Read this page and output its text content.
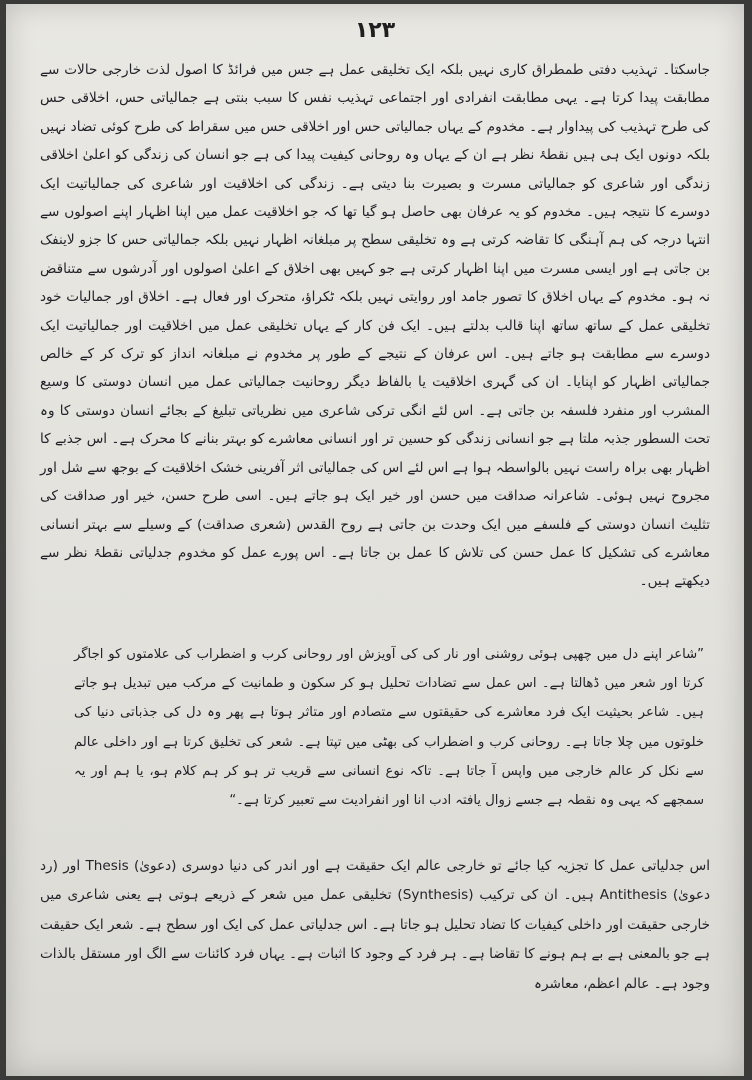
۱۲۳

جاسکتا۔ تہذیب دفتی طمطراق کاری نہیں بلکہ ایک تخلیقی عمل ہے جس میں فرائڈ کا اصول لذت خارجی حالات سے مطابقت پیدا کرتا ہے۔ یہی مطابقت انفرادی اور اجتماعی تہذیب نفس کا سبب بنتی ہے جمالیاتی حس، اخلاقی حس کی طرح تہذیب کی پیداوار ہے۔ مخدوم کے یہاں جمالیاتی حس اور اخلاقی حس میں سقراط کی طرح کوئی تضاد نہیں بلکہ دونوں ایک ہی ہیں نقطۂ نظر ہے ان کے یہاں وہ روحانی کیفیت پیدا کی ہے جو انسان کی زندگی کو اعلیٰ اخلاقی زندگی اور شاعری کو جمالیاتی مسرت و بصیرت بنا دیتی ہے۔ زندگی کی اخلاقیت اور شاعری کی جمالیاتیت ایک دوسرے کا نتیجہ ہیں۔ مخدوم کو یہ عرفان بھی حاصل ہو گیا تھا کہ جو اخلاقیت عمل میں اپنا اظہار اپنے اصولوں سے انتہا درجہ کی ہم آہنگی کا تقاضہ کرتی ہے وہ تخلیقی سطح پر مبلغانہ اظہار نہیں بلکہ جمالیاتی حس کا جزو لاینفک بن جاتی ہے اور ایسی مسرت میں اپنا اظہار کرتی ہے جو کہیں بھی اخلاق کے اعلیٰ اصولوں اور آدرشوں سے متناقض نہ ہو۔ مخدوم کے یہاں اخلاق کا تصور جامد اور روایتی نہیں بلکہ ٹکراؤ، متحرک اور فعال ہے۔ اخلاق اور جمالیات خود تخلیقی عمل کے ساتھ ساتھ اپنا قالب بدلتے ہیں۔ ایک فن کار کے یہاں تخلیقی عمل میں اخلاقیت اور جمالیاتیت ایک دوسرے سے مطابقت ہو جاتے ہیں۔ اس عرفان کے نتیجے کے طور پر مخدوم نے مبلغانہ انداز کو ترک کر کے خالص جمالیاتی اظہار کو اپنایا۔ ان کی گہری اخلاقیت یا بالفاظ دیگر روحانیت جمالیاتی عمل میں انسان دوستی کا وسیع المشرب اور منفرد فلسفہ بن جاتی ہے۔ اس لئے انگی ترکی شاعری میں نظریاتی تبلیغ کے بجائے انسان دوستی کا وہ تحت السطور جذبہ ملتا ہے جو انسانی زندگی کو حسین تر اور انسانی معاشرے کو بہتر بنانے کا محرک ہے۔ اس جذبے کا اظہار بھی براہ راست نہیں بالواسطہ ہوا ہے اس لئے اس کی جمالیاتی اثر آفرینی خشک اخلاقیت کے بوجھ سے شل اور مجروح نہیں ہوئی۔ شاعرانہ صداقت میں حسن اور خیر ایک ہو جاتے ہیں۔ اسی طرح حسن، خیر اور صداقت کی تثلیث انسان دوستی کے فلسفے میں ایک وحدت بن جاتی ہے روح القدس (شعری صداقت) کے وسیلے سے بہتر انسانی معاشرے کی تشکیل کا عمل حسن کی تلاش کا عمل بن جاتا ہے۔ اس پورے عمل کو مخدوم جدلیاتی نقطۂ نظر سے دیکھتے ہیں۔

”شاعر اپنے دل میں چھپی ہوئی روشنی اور نار کی کی آویزش اور روحانی کرب و اضطراب کی علامتوں کو اجاگر کرتا اور شعر میں ڈھالتا ہے۔ اس عمل سے تضادات تحلیل ہو کر سکون و طمانیت کے مرکب میں تبدیل ہو جاتے ہیں۔ شاعر بحیثیت ایک فرد معاشرے کی حقیقتوں سے متصادم اور متاثر ہوتا ہے پھر وہ دل کی جذباتی دنیا کی خلوتوں میں چلا جاتا ہے۔ روحانی کرب و اضطراب کی بھٹی میں تپتا ہے۔ شعر کی تخلیق کرتا ہے اور داخلی عالم سے نکل کر عالم خارجی میں واپس آ جاتا ہے۔ تاکہ نوع انسانی سے قریب تر ہو کر ہم کلام ہو، یا ہم اور یہ سمجھے کہ یہی وہ نقطہ ہے جسے زوال یافتہ ادب انا اور انفرادیت سے تعبیر کرتا ہے۔“

اس جدلیاتی عمل کا تجزیہ کیا جائے تو خارجی عالم ایک حقیقت ہے اور اندر کی دنیا دوسری (دعویٰ) Thesis اور (رد دعویٰ) Antithesis ہیں۔ ان کی ترکیب (Synthesis) تخلیقی عمل میں شعر کے ذریعے ہوتی ہے یعنی شاعری میں خارجی حقیقت اور داخلی کیفیات کا تضاد تحلیل ہو جاتا ہے۔ اس جدلیاتی عمل کی ایک اور سطح ہے۔ شعر ایک حقیقت ہے جو بالمعنی ہے بے ہم ہونے کا تقاضا ہے۔ ہر فرد کے وجود کا اثبات ہے۔ یہاں فرد کائنات سے الگ اور مستقل بالذات وجود ہے۔ عالم اعظم، معاشرہ
